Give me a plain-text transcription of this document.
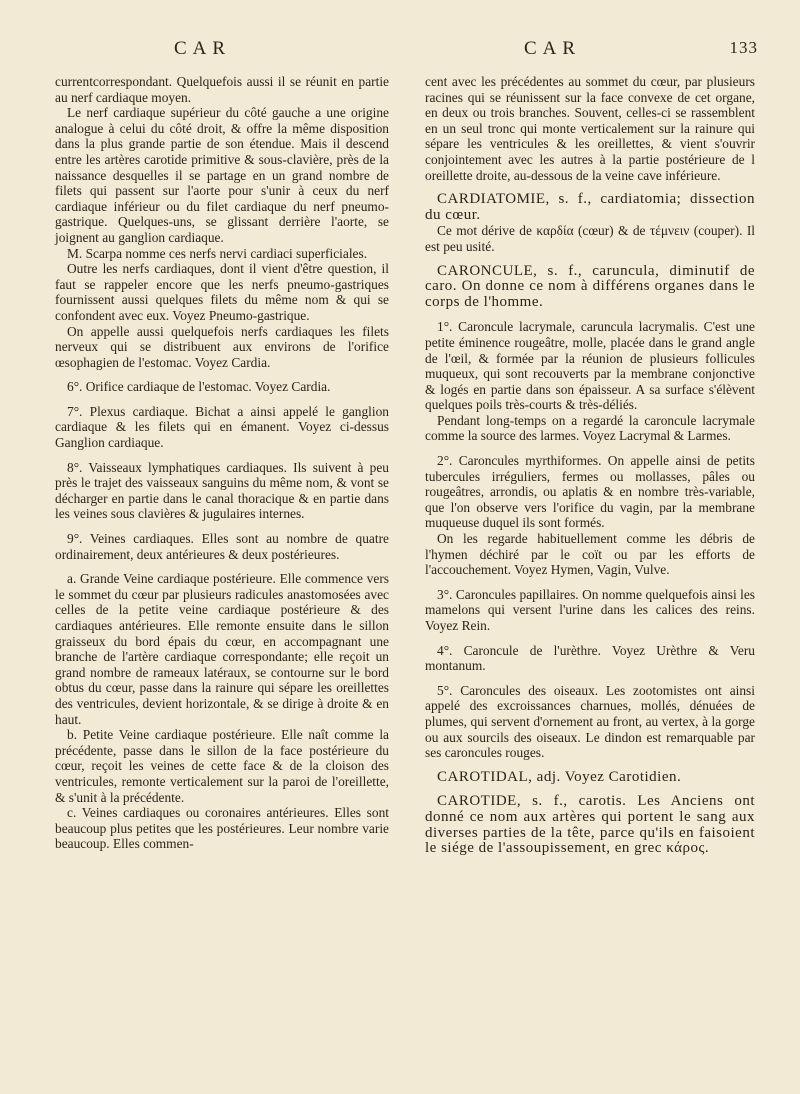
CAR	CAR	133

currentcorrespondant. Quelquefois aussi il se réunit en partie au nerf cardiaque moyen.

Le nerf cardiaque supérieur du côté gauche a une origine analogue à celui du côté droit, & offre la même disposition dans la plus grande partie de son étendue. Mais il descend entre les artères carotide primitive & sous-clavière, près de la naissance desquelles il se partage en un grand nombre de filets qui passent sur l'aorte pour s'unir à ceux du nerf cardiaque inférieur ou du filet cardiaque du nerf pneumo-gastrique. Quelques-uns, se glissant derrière l'aorte, se joignent au ganglion cardiaque.

M. Scarpa nomme ces nerfs nervi cardiaci superficiales.

Outre les nerfs cardiaques, dont il vient d'être question, il faut se rappeler encore que les nerfs pneumo-gastriques fournissent aussi quelques filets du même nom & qui se confondent avec eux. Voyez Pneumo-gastrique.

On appelle aussi quelquefois nerfs cardiaques les filets nerveux qui se distribuent aux environs de l'orifice œsophagien de l'estomac. Voyez Cardia.

6°. Orifice cardiaque de l'estomac. Voyez Cardia.

7°. Plexus cardiaque. Bichat a ainsi appelé le ganglion cardiaque & les filets qui en émanent. Voyez ci-dessus Ganglion cardiaque.

8°. Vaisseaux lymphatiques cardiaques. Ils suivent à peu près le trajet des vaisseaux sanguins du même nom, & vont se décharger en partie dans le canal thoracique & en partie dans les veines sous clavières & jugulaires internes.

9°. Veines cardiaques. Elles sont au nombre de quatre ordinairement, deux antérieures & deux postérieures.

a. Grande Veine cardiaque postérieure. Elle commence vers le sommet du cœur par plusieurs radicules anastomosées avec celles de la petite veine cardiaque postérieure & des cardiaques antérieures. Elle remonte ensuite dans le sillon graisseux du bord épais du cœur, en accompagnant une branche de l'artère cardiaque correspondante; elle reçoit un grand nombre de rameaux latéraux, se contourne sur le bord obtus du cœur, passe dans la rainure qui sépare les oreillettes des ventricules, devient horizontale, & se dirige à droite & en haut.

b. Petite Veine cardiaque postérieure. Elle naît comme la précédente, passe dans le sillon de la face postérieure du cœur, reçoit les veines de cette face & de la cloison des ventricules, remonte verticalement sur la paroi de l'oreillette, & s'unit à la précédente.

c. Veines cardiaques ou coronaires antérieures. Elles sont beaucoup plus petites que les postérieures. Leur nombre varie beaucoup. Elles commen-

cent avec les précédentes au sommet du cœur, par plusieurs racines qui se réunissent sur la face convexe de cet organe, en deux ou trois branches. Souvent, celles-ci se rassemblent en un seul tronc qui monte verticalement sur la rainure qui sépare les ventricules & les oreillettes, & vient s'ouvrir conjointement avec les autres à la partie postérieure de l oreillette droite, au-dessous de la veine cave inférieure.

CARDIATOMIE, s. f., cardiatomia; dissection du cœur.

Ce mot dérive de καρδία (cœur) & de τέμνειν (couper). Il est peu usité.

CARONCULE, s. f., caruncula, diminutif de caro. On donne ce nom à différens organes dans le corps de l'homme.

1°. Caroncule lacrymale, caruncula lacrymalis. C'est une petite éminence rougeâtre, molle, placée dans le grand angle de l'œil, & formée par la réunion de plusieurs follicules muqueux, qui sont recouverts par la membrane conjonctive & logés en partie dans son épaisseur. A sa surface s'élèvent quelques poils très-courts & très-déliés.

Pendant long-temps on a regardé la caroncule lacrymale comme la source des larmes. Voyez Lacrymal & Larmes.

2°. Caroncules myrthiformes. On appelle ainsi de petits tubercules irréguliers, fermes ou mollasses, pâles ou rougeâtres, arrondis, ou aplatis & en nombre très-variable, que l'on observe vers l'orifice du vagin, par la membrane muqueuse duquel ils sont formés.

On les regarde habituellement comme les débris de l'hymen déchiré par le coït ou par les efforts de l'accouchement. Voyez Hymen, Vagin, Vulve.

3°. Caroncules papillaires. On nomme quelquefois ainsi les mamelons qui versent l'urine dans les calices des reins. Voyez Rein.

4°. Caroncule de l'urèthre. Voyez Urèthre & Veru montanum.

5°. Caroncules des oiseaux. Les zootomistes ont ainsi appelé des excroissances charnues, mollés, dénuées de plumes, qui servent d'ornement au front, au vertex, à la gorge ou aux sourcils des oiseaux. Le dindon est remarquable par ses caroncules rouges.

CAROTIDAL, adj. Voyez Carotidien.

CAROTIDE, s. f., carotis. Les Anciens ont donné ce nom aux artères qui portent le sang aux diverses parties de la tête, parce qu'ils en faisoient le siége de l'assoupissement, en grec κάρος.
